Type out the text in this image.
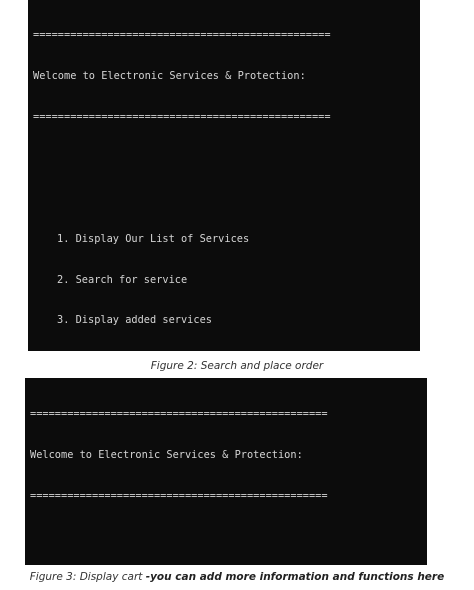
================================================

Welcome to Electronic Services & Protection:

================================================

1. Display Our List of Services

2. Search for service

3. Display added services

Figure 2: Search and place order

================================================

Welcome to Electronic Services & Protection:

================================================

Figure 3: Display cart -you can add more information and functions here
